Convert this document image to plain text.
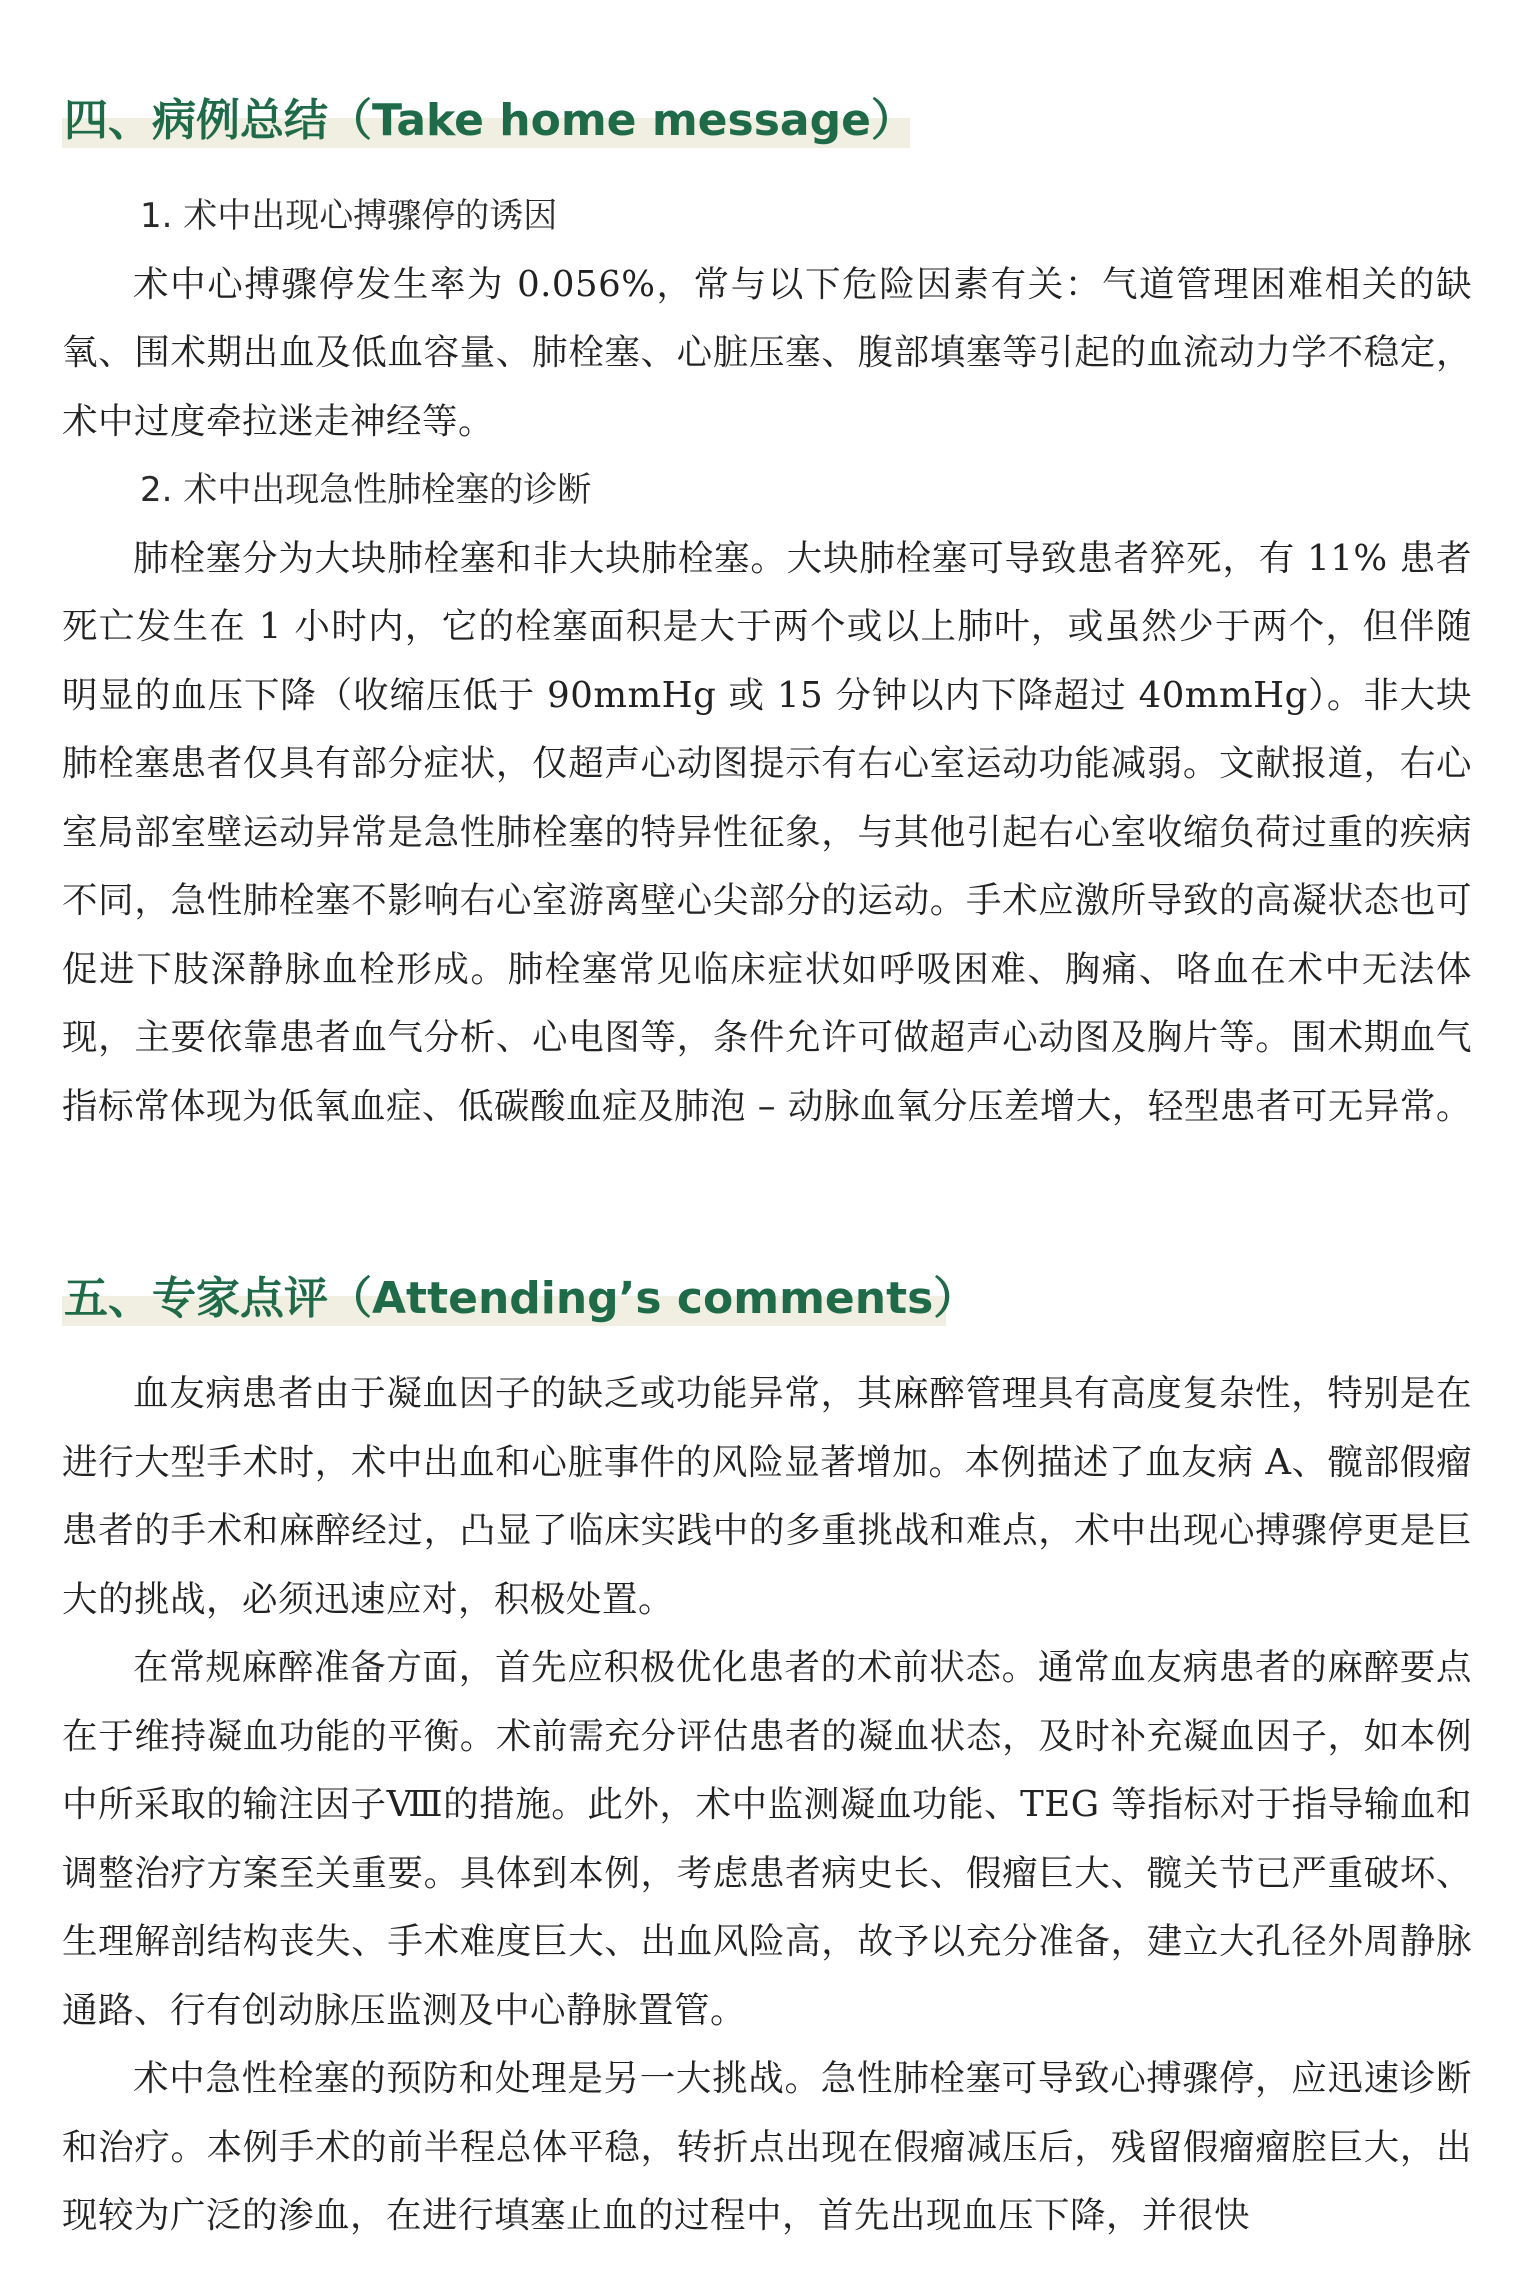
四、病例总结（Take home message）

1. 术中出现心搏骤停的诱因

术中心搏骤停发生率为 0.056%，常与以下危险因素有关：气道管理困难相关的缺氧、围术期出血及低血容量、肺栓塞、心脏压塞、腹部填塞等引起的血流动力学不稳定，术中过度牵拉迷走神经等。

2. 术中出现急性肺栓塞的诊断

肺栓塞分为大块肺栓塞和非大块肺栓塞。大块肺栓塞可导致患者猝死，有 11% 患者死亡发生在 1 小时内，它的栓塞面积是大于两个或以上肺叶，或虽然少于两个，但伴随明显的血压下降（收缩压低于 90mmHg 或 15 分钟以内下降超过 40mmHg）。非大块肺栓塞患者仅具有部分症状，仅超声心动图提示有右心室运动功能减弱。文献报道，右心室局部室壁运动异常是急性肺栓塞的特异性征象，与其他引起右心室收缩负荷过重的疾病不同，急性肺栓塞不影响右心室游离壁心尖部分的运动。手术应激所导致的高凝状态也可促进下肢深静脉血栓形成。肺栓塞常见临床症状如呼吸困难、胸痛、咯血在术中无法体现，主要依靠患者血气分析、心电图等，条件允许可做超声心动图及胸片等。围术期血气指标常体现为低氧血症、低碳酸血症及肺泡 – 动脉血氧分压差增大，轻型患者可无异常。

五、专家点评（Attending’s comments）

血友病患者由于凝血因子的缺乏或功能异常，其麻醉管理具有高度复杂性，特别是在进行大型手术时，术中出血和心脏事件的风险显著增加。本例描述了血友病 A、髋部假瘤患者的手术和麻醉经过，凸显了临床实践中的多重挑战和难点，术中出现心搏骤停更是巨大的挑战，必须迅速应对，积极处置。

在常规麻醉准备方面，首先应积极优化患者的术前状态。通常血友病患者的麻醉要点在于维持凝血功能的平衡。术前需充分评估患者的凝血状态，及时补充凝血因子，如本例中所采取的输注因子Ⅷ的措施。此外，术中监测凝血功能、TEG 等指标对于指导输血和调整治疗方案至关重要。具体到本例，考虑患者病史长、假瘤巨大、髋关节已严重破坏、生理解剖结构丧失、手术难度巨大、出血风险高，故予以充分准备，建立大孔径外周静脉通路、行有创动脉压监测及中心静脉置管。

术中急性栓塞的预防和处理是另一大挑战。急性肺栓塞可导致心搏骤停，应迅速诊断和治疗。本例手术的前半程总体平稳，转折点出现在假瘤减压后，残留假瘤瘤腔巨大，出现较为广泛的渗血，在进行填塞止血的过程中，首先出现血压下降，并很快
